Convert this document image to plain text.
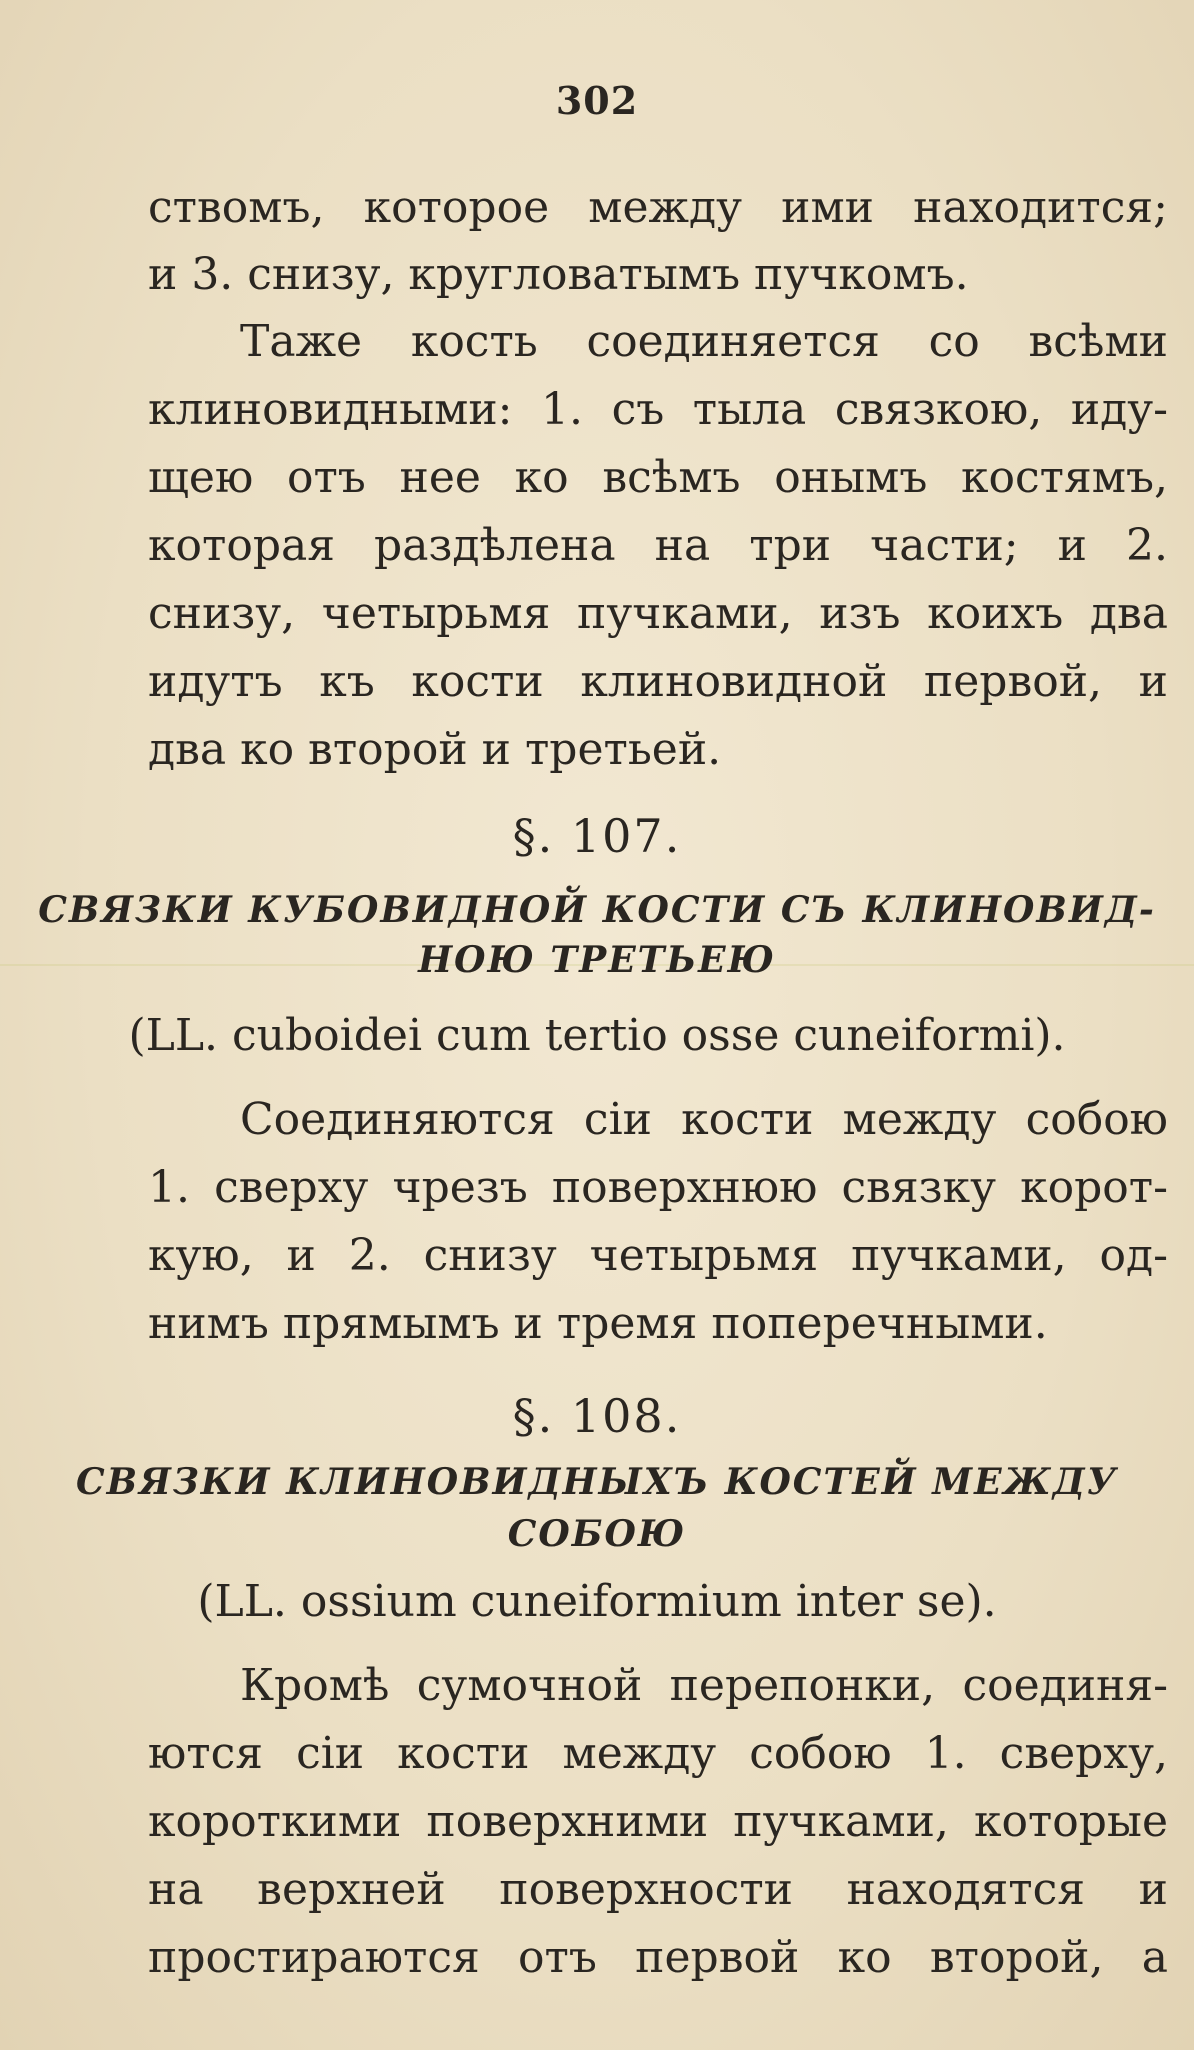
302
ствомъ, которое между ими находится;
и 3. снизу, кругловатымъ пучкомъ.
Таже кость соединяется со всѣми
клиновидными: 1. съ тыла связкою, иду-
щею отъ нее ко всѣмъ онымъ костямъ,
которая раздѣлена на три части; и 2.
снизу, четырьмя пучками, изъ коихъ два
идутъ къ кости клиновидной первой, и
два ко второй и третьей.
§. 107.
СВЯЗКИ КУБОВИДНОЙ КОСТИ СЪ КЛИНОВИД-
НОЮ ТРЕТЬЕЮ
(LL. cuboidei cum tertio osse cuneiformi).
Соединяются сіи кости между собою
1. сверху чрезъ поверхнюю связку корот-
кую, и 2. снизу четырьмя пучками, од-
нимъ прямымъ и тремя поперечными.
§. 108.
СВЯЗКИ КЛИНОВИДНЫХЪ КОСТЕЙ МЕЖДУ
СОБОЮ
(LL. ossium cuneiformium inter se).
Кромѣ сумочной перепонки, соединя-
ются сіи кости между собою 1. сверху,
короткими поверхними пучками, которые
на верхней поверхности находятся и
простираются отъ первой ко второй, а
